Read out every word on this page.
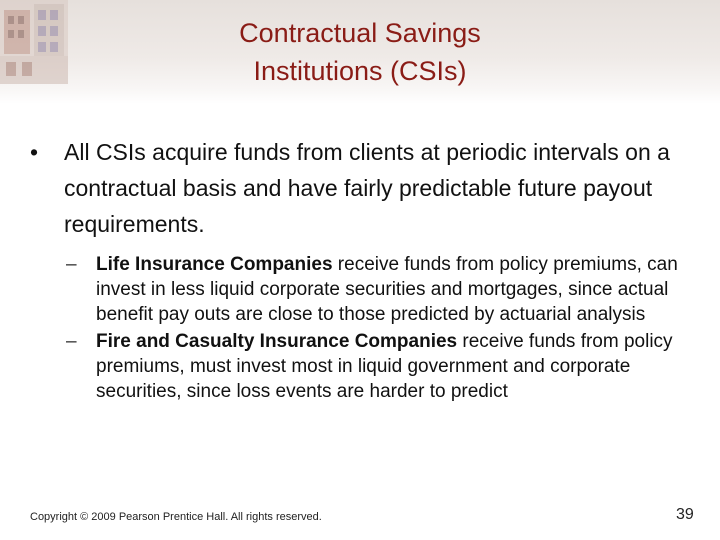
Contractual Savings
Institutions (CSIs)

•	All CSIs acquire funds from clients at periodic intervals on a contractual basis and have fairly predictable future payout requirements.

–	Life Insurance Companies receive funds from policy premiums, can invest in less liquid corporate securities and mortgages, since actual benefit pay outs are close to those predicted by actuarial analysis

–	Fire and Casualty Insurance Companies receive funds from policy premiums, must invest most in liquid government and corporate securities, since loss events are harder to predict

Copyright © 2009 Pearson Prentice Hall. All rights reserved.	39
